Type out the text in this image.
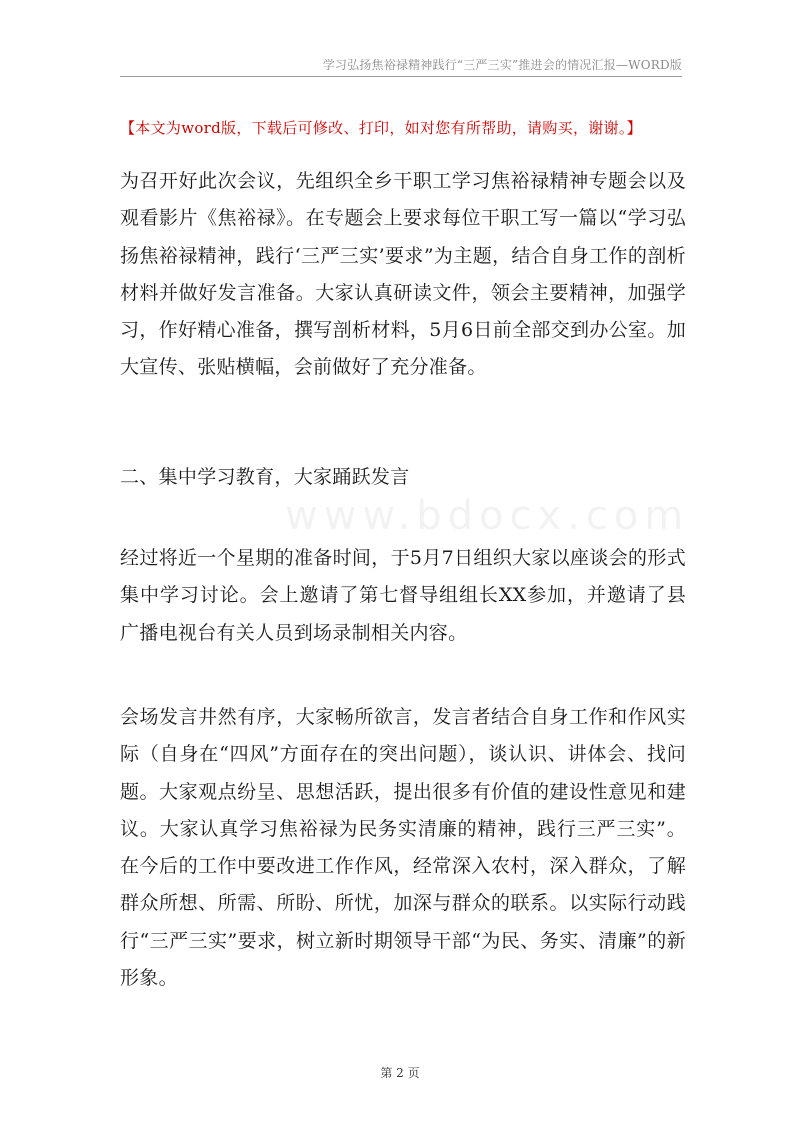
学习弘扬焦裕禄精神践行“三严三实”推进会的情况汇报—WORD版
【本文为word版，下载后可修改、打印，如对您有所帮助，请购买，谢谢。】

为召开好此次会议，先组织全乡干职工学习焦裕禄精神专题会以及观看影片《焦裕禄》。在专题会上要求每位干职工写一篇以“学习弘扬焦裕禄精神，践行‘三严三实’要求”为主题，结合自身工作的剖析材料并做好发言准备。大家认真研读文件，领会主要精神，加强学习，作好精心准备，撰写剖析材料，5月6日前全部交到办公室。加大宣传、张贴横幅，会前做好了充分准备。

二、集中学习教育，大家踊跃发言

www.bdocx.com

经过将近一个星期的准备时间，于5月7日组织大家以座谈会的形式集中学习讨论。会上邀请了第七督导组组长XX参加，并邀请了县广播电视台有关人员到场录制相关内容。

会场发言井然有序，大家畅所欲言，发言者结合自身工作和作风实际（自身在“四风”方面存在的突出问题），谈认识、讲体会、找问题。大家观点纷呈、思想活跃，提出很多有价值的建设性意见和建议。大家认真学习焦裕禄为民务实清廉的精神，践行三严三实”。在今后的工作中要改进工作作风，经常深入农村，深入群众，了解群众所想、所需、所盼、所忧，加深与群众的联系。以实际行动践行“三严三实”要求，树立新时期领导干部“为民、务实、清廉”的新形象。

第 2 页
